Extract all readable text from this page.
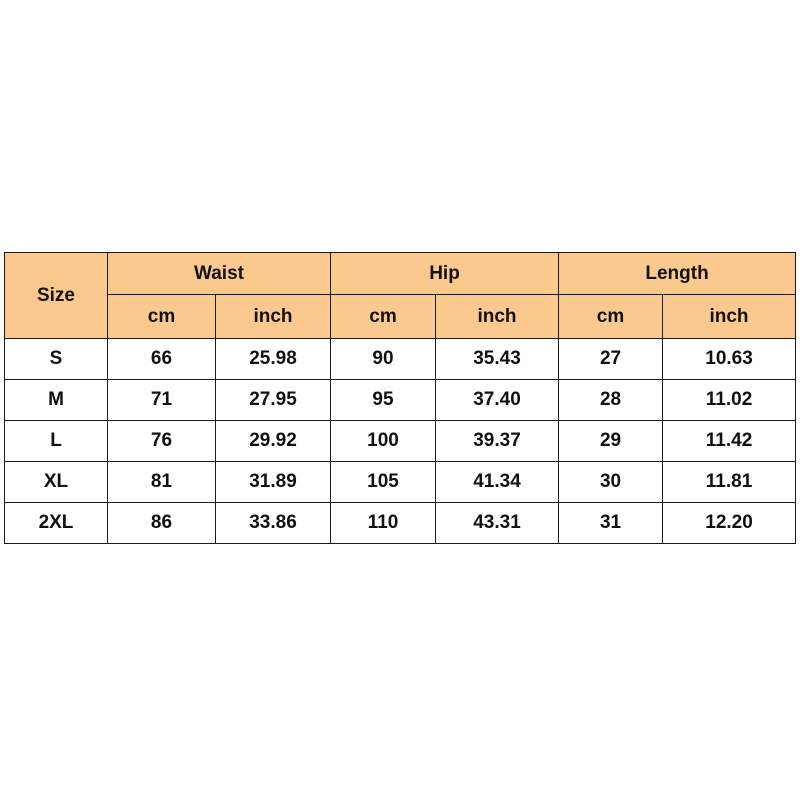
Size	Waist		Hip		Length	
	cm	inch	cm	inch	cm	inch
S	66	25.98	90	35.43	27	10.63
M	71	27.95	95	37.40	28	11.02
L	76	29.92	100	39.37	29	11.42
XL	81	31.89	105	41.34	30	11.81
2XL	86	33.86	110	43.31	31	12.20
